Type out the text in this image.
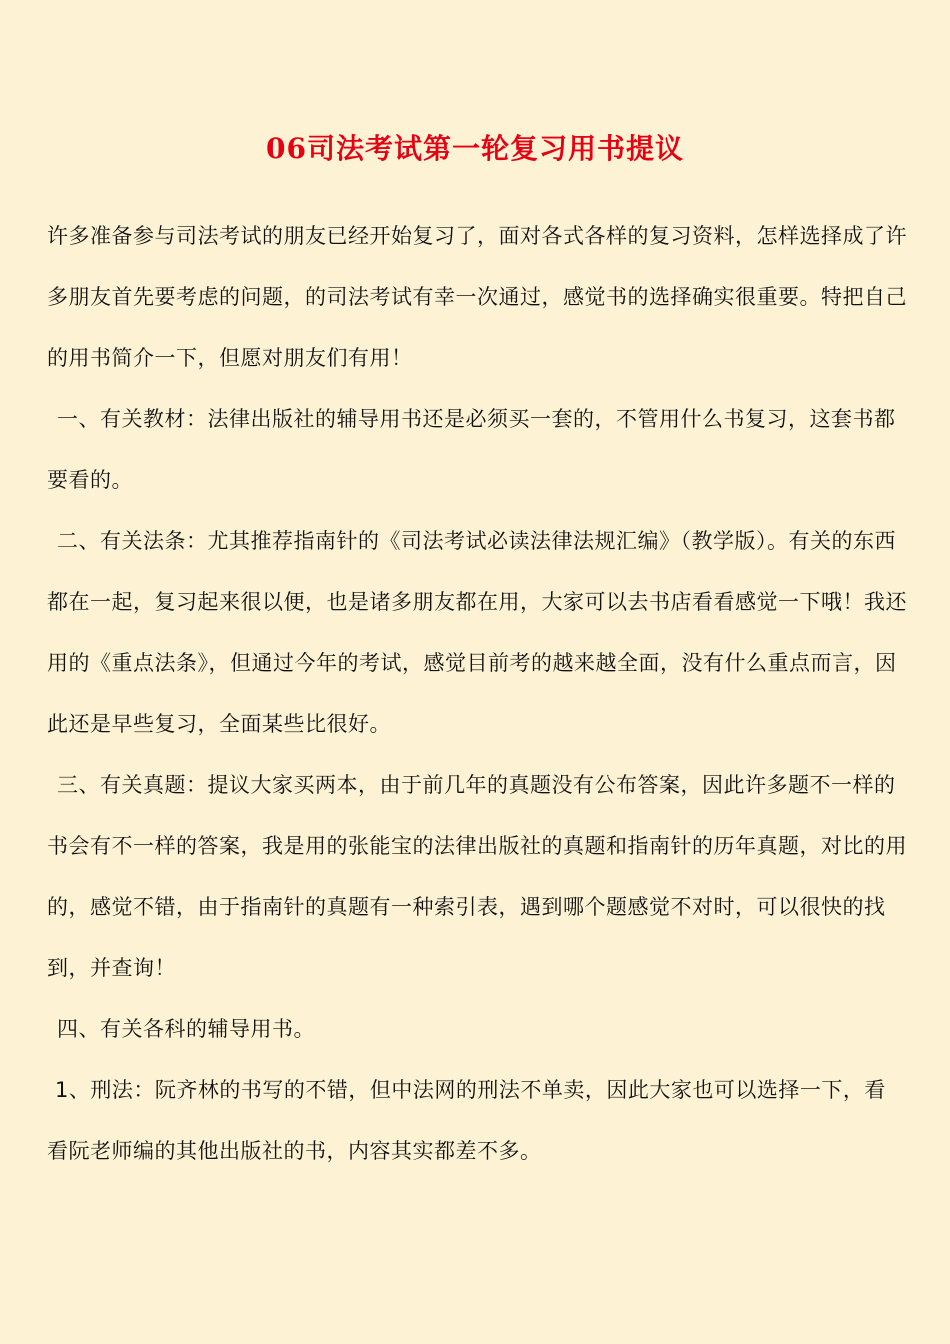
06司法考试第一轮复习用书提议

许多准备参与司法考试的朋友已经开始复习了，面对各式各样的复习资料，怎样选择成了许多朋友首先要考虑的问题，的司法考试有幸一次通过，感觉书的选择确实很重要。特把自己的用书简介一下，但愿对朋友们有用！

一、有关教材：法律出版社的辅导用书还是必须买一套的，不管用什么书复习，这套书都要看的。

二、有关法条：尤其推荐指南针的《司法考试必读法律法规汇编》（教学版）。有关的东西都在一起，复习起来很以便，也是诸多朋友都在用，大家可以去书店看看感觉一下哦！我还用的《重点法条》，但通过今年的考试，感觉目前考的越来越全面，没有什么重点而言，因此还是早些复习，全面某些比很好。

三、有关真题：提议大家买两本，由于前几年的真题没有公布答案，因此许多题不一样的书会有不一样的答案，我是用的张能宝的法律出版社的真题和指南针的历年真题，对比的用的，感觉不错，由于指南针的真题有一种索引表，遇到哪个题感觉不对时，可以很快的找到，并查询！

四、有关各科的辅导用书。

1、刑法：阮齐林的书写的不错，但中法网的刑法不单卖，因此大家也可以选择一下，看看阮老师编的其他出版社的书，内容其实都差不多。
